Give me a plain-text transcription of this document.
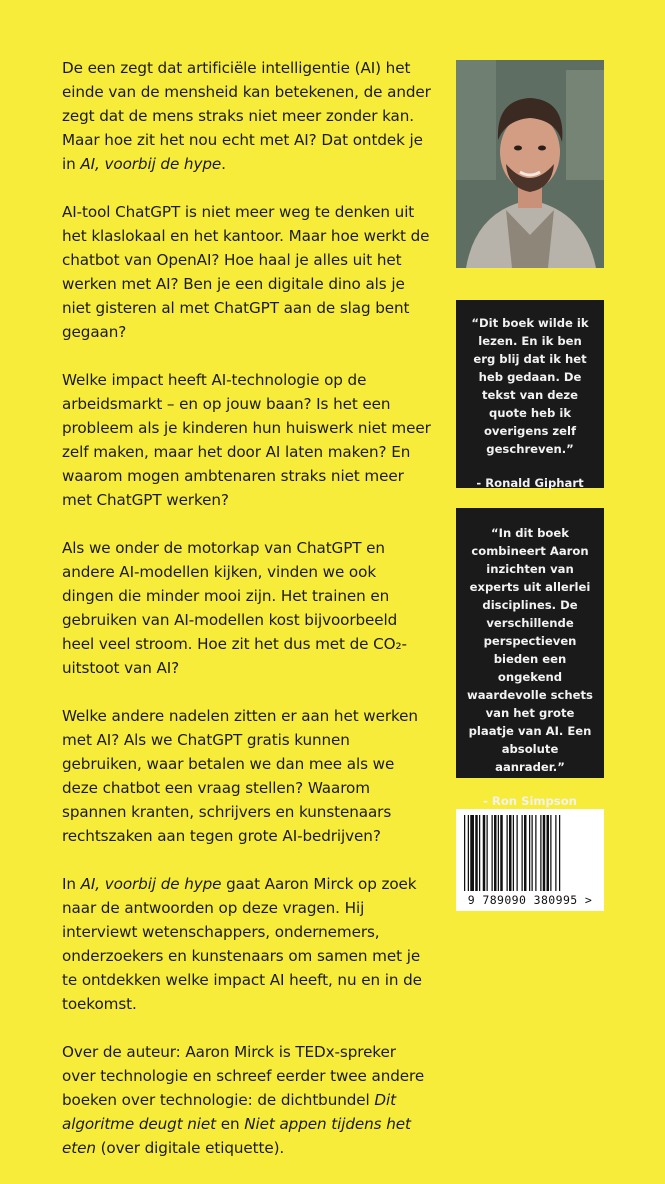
De een zegt dat artificiële intelligentie (AI) het einde van de mensheid kan betekenen, de ander zegt dat de mens straks niet meer zonder kan. Maar hoe zit het nou echt met AI? Dat ontdek je in AI, voorbij de hype.

AI-tool ChatGPT is niet meer weg te denken uit het klaslokaal en het kantoor. Maar hoe werkt de chatbot van OpenAI? Hoe haal je alles uit het werken met AI? Ben je een digitale dino als je niet gisteren al met ChatGPT aan de slag bent gegaan?

Welke impact heeft AI-technologie op de arbeidsmarkt – en op jouw baan? Is het een probleem als je kinderen hun huiswerk niet meer zelf maken, maar het door AI laten maken? En waarom mogen ambtenaren straks niet meer met ChatGPT werken?

Als we onder de motorkap van ChatGPT en andere AI-modellen kijken, vinden we ook dingen die minder mooi zijn. Het trainen en gebruiken van AI-modellen kost bijvoorbeeld heel veel stroom. Hoe zit het dus met de CO₂-uitstoot van AI?

Welke andere nadelen zitten er aan het werken met AI? Als we ChatGPT gratis kunnen gebruiken, waar betalen we dan mee als we deze chatbot een vraag stellen? Waarom spannen kranten, schrijvers en kunstenaars rechtszaken aan tegen grote AI-bedrijven?

In AI, voorbij de hype gaat Aaron Mirck op zoek naar de antwoorden op deze vragen. Hij interviewt wetenschappers, ondernemers, onderzoekers en kunstenaars om samen met je te ontdekken welke impact AI heeft, nu en in de toekomst.

Over de auteur: Aaron Mirck is TEDx-spreker over technologie en schreef eerder twee andere boeken over technologie: de dichtbundel Dit algoritme deugt niet en Niet appen tijdens het eten (over digitale etiquette).

“Dit boek wilde ik lezen. En ik ben erg blij dat ik het heb gedaan. De tekst van deze quote heb ik overigens zelf geschreven.”

- Ronald Giphart

“In dit boek combineert Aaron inzichten van experts uit allerlei disciplines. De verschillende perspectieven bieden een ongekend waardevolle schets van het grote plaatje van AI. Een absolute aanrader.”

- Ron Simpson
9 789090 380995 >
